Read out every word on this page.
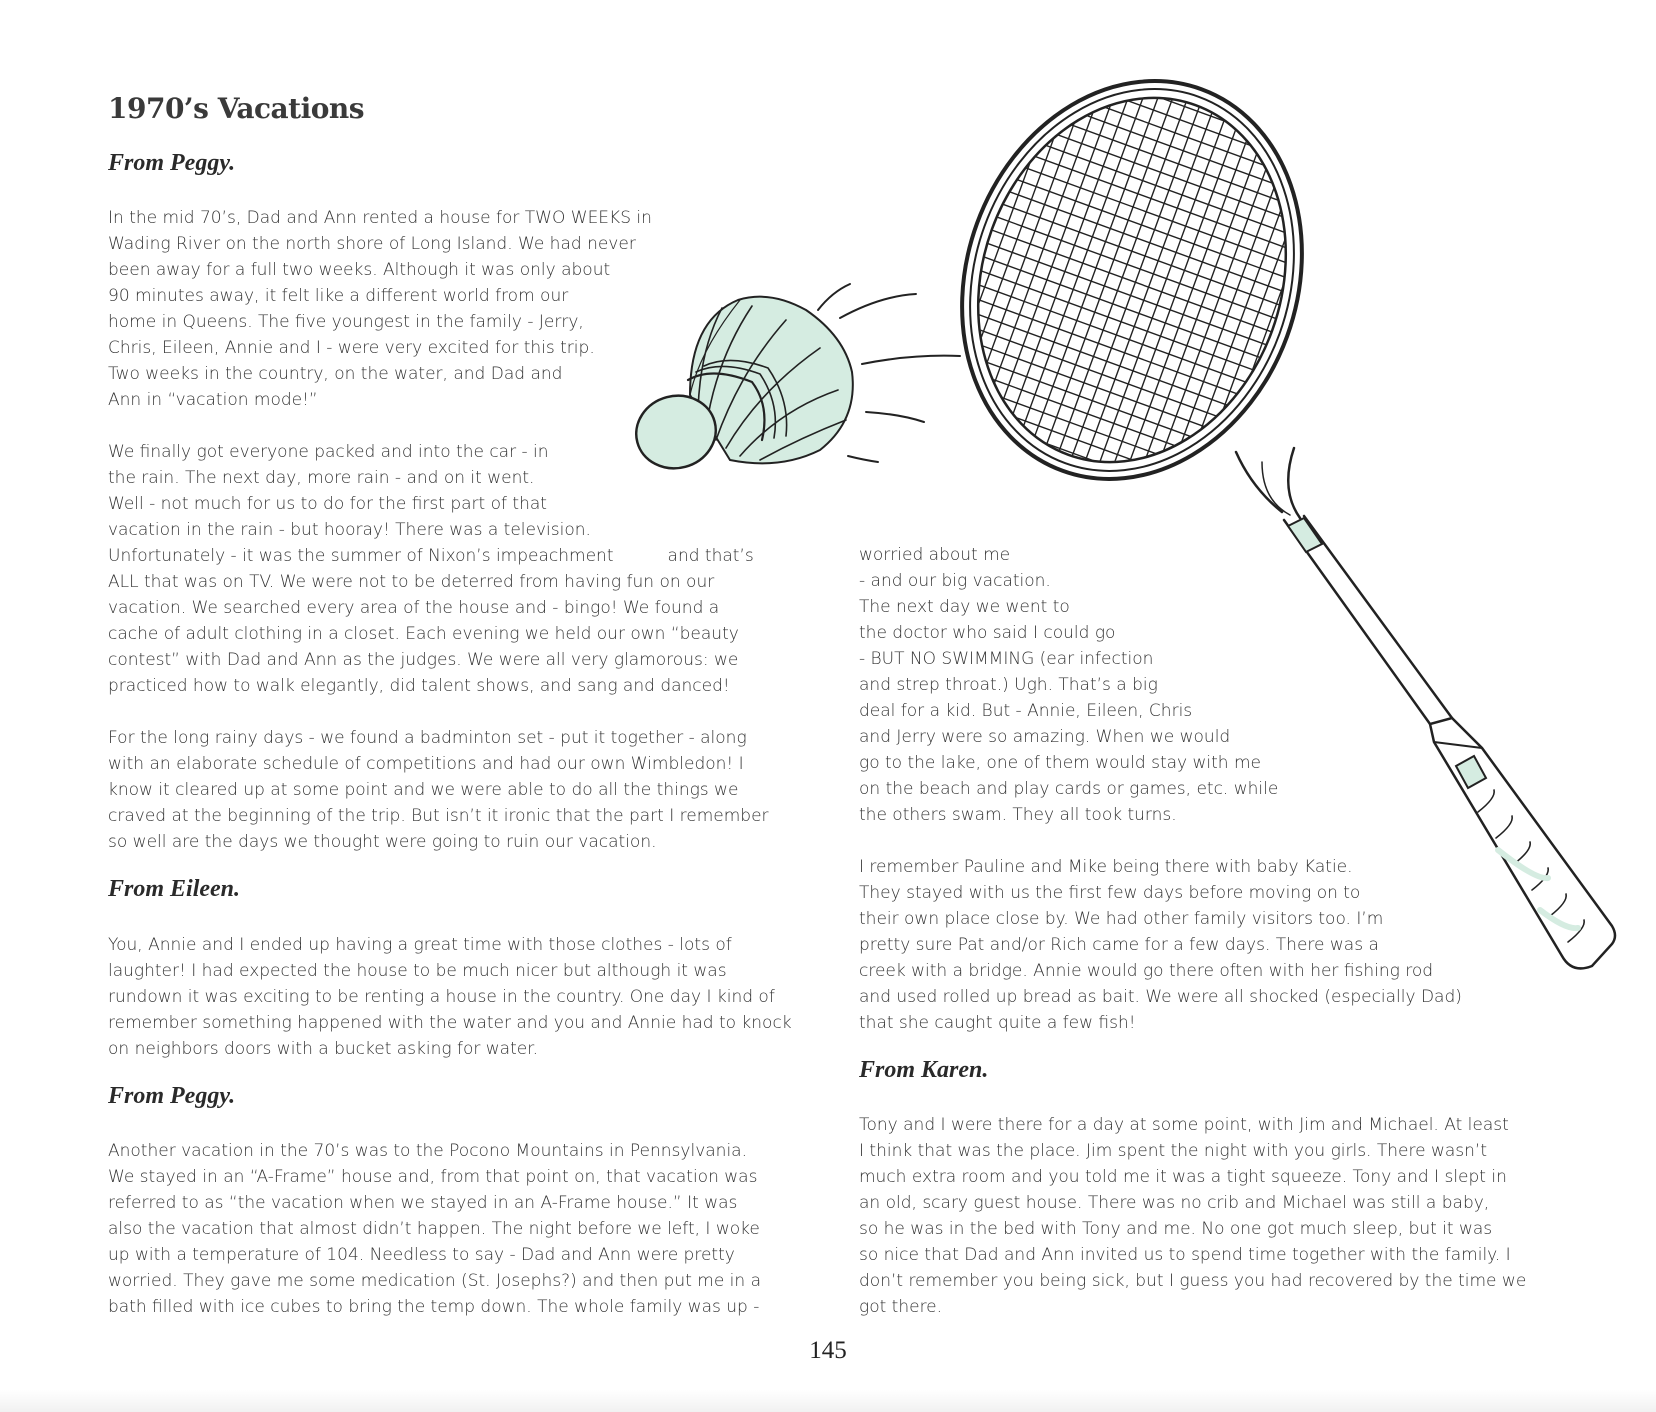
1970’s Vacations
From Peggy.
In the mid 70’s, Dad and Ann rented a house for TWO WEEKS in
Wading River on the north shore of Long Island. We had never
been away for a full two weeks. Although it was only about
90 minutes away, it felt like a different world from our
home in Queens. The five youngest in the family - Jerry,
Chris, Eileen, Annie and I - were very excited for this trip.
Two weeks in the country, on the water, and Dad and
Ann in “vacation mode!”
We finally got everyone packed and into the car - in
the rain. The next day, more rain - and on it went.
Well - not much for us to do for the first part of that
vacation in the rain - but hooray! There was a television.
Unfortunately - it was the summer of Nixon’s impeachment          and that’s
ALL that was on TV. We were not to be deterred from having fun on our
vacation. We searched every area of the house and - bingo! We found a
cache of adult clothing in a closet. Each evening we held our own “beauty
contest” with Dad and Ann as the judges. We were all very glamorous: we
practiced how to walk elegantly, did talent shows, and sang and danced!
For the long rainy days - we found a badminton set - put it together - along
with an elaborate schedule of competitions and had our own Wimbledon! I
know it cleared up at some point and we were able to do all the things we
craved at the beginning of the trip. But isn’t it ironic that the part I remember
so well are the days we thought were going to ruin our vacation.
From Eileen.
You, Annie and I ended up having a great time with those clothes - lots of
laughter! I had expected the house to be much nicer but although it was
rundown it was exciting to be renting a house in the country. One day I kind of
remember something happened with the water and you and Annie had to knock
on neighbors doors with a bucket asking for water.
From Peggy.
Another vacation in the 70’s was to the Pocono Mountains in Pennsylvania.
We stayed in an “A-Frame” house and, from that point on, that vacation was
referred to as “the vacation when we stayed in an A-Frame house.” It was
also the vacation that almost didn’t happen. The night before we left, I woke
up with a temperature of 104. Needless to say - Dad and Ann were pretty
worried. They gave me some medication (St. Josephs?) and then put me in a
bath filled with ice cubes to bring the temp down. The whole family was up -
worried about me
- and our big vacation.
The next day we went to
the doctor who said I could go
- BUT NO SWIMMING (ear infection
and strep throat.) Ugh. That’s a big
deal for a kid. But - Annie, Eileen, Chris
and Jerry were so amazing. When we would
go to the lake, one of them would stay with me
on the beach and play cards or games, etc. while
the others swam. They all took turns.
I remember Pauline and Mike being there with baby Katie.
They stayed with us the first few days before moving on to
their own place close by. We had other family visitors too. I’m
pretty sure Pat and/or Rich came for a few days. There was a
creek with a bridge. Annie would go there often with her fishing rod
and used rolled up bread as bait. We were all shocked (especially Dad)
that she caught quite a few fish!
From Karen.
Tony and I were there for a day at some point, with Jim and Michael. At least
I think that was the place. Jim spent the night with you girls. There wasn’t
much extra room and you told me it was a tight squeeze. Tony and I slept in
an old, scary guest house. There was no crib and Michael was still a baby,
so he was in the bed with Tony and me. No one got much sleep, but it was
so nice that Dad and Ann invited us to spend time together with the family. I
don’t remember you being sick, but I guess you had recovered by the time we
got there.
145
